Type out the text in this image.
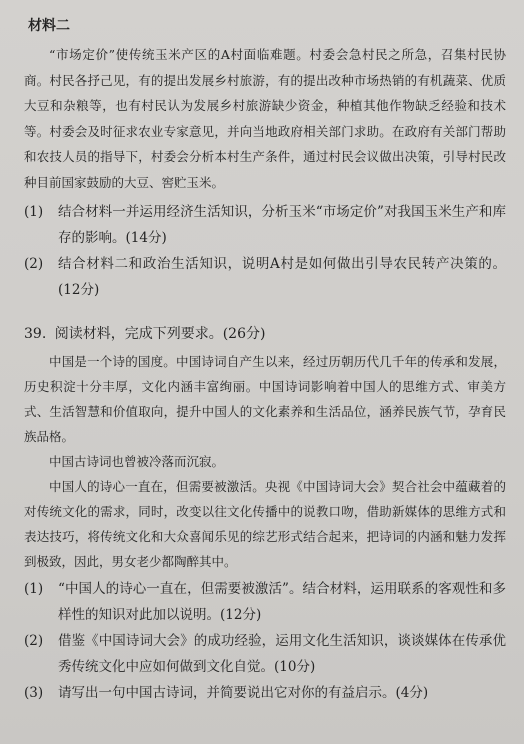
材料二

“市场定价”使传统玉米产区的A村面临难题。村委会急村民之所急，召集村民协商。村民各抒己见，有的提出发展乡村旅游，有的提出改种市场热销的有机蔬菜、优质大豆和杂粮等，也有村民认为发展乡村旅游缺少资金，种植其他作物缺乏经验和技术等。村委会及时征求农业专家意见，并向当地政府相关部门求助。在政府有关部门帮助和农技人员的指导下，村委会分析本村生产条件，通过村民会议做出决策，引导村民改种目前国家鼓励的大豆、窖贮玉米。

(1)	结合材料一并运用经济生活知识，分析玉米“市场定价”对我国玉米生产和库存的影响。(14分)
(2)	结合材料二和政治生活知识，说明A村是如何做出引导农民转产决策的。(12分)
39. 阅读材料，完成下列要求。(26分)

中国是一个诗的国度。中国诗词自产生以来，经过历朝历代几千年的传承和发展，历史积淀十分丰厚，文化内涵丰富绚丽。中国诗词影响着中国人的思维方式、审美方式、生活智慧和价值取向，提升中国人的文化素养和生活品位，涵养民族气节，孕育民族品格。

中国古诗词也曾被冷落而沉寂。

中国人的诗心一直在，但需要被激活。央视《中国诗词大会》契合社会中蕴藏着的对传统文化的需求，同时，改变以往文化传播中的说教口吻，借助新媒体的思维方式和表达技巧，将传统文化和大众喜闻乐见的综艺形式结合起来，把诗词的内涵和魅力发挥到极致，因此，男女老少都陶醉其中。

(1)	“中国人的诗心一直在，但需要被激活”。结合材料，运用联系的客观性和多样性的知识对此加以说明。(12分)
(2)	借鉴《中国诗词大会》的成功经验，运用文化生活知识，谈谈媒体在传承优秀传统文化中应如何做到文化自觉。(10分)
(3)	请写出一句中国古诗词，并简要说出它对你的有益启示。(4分)
